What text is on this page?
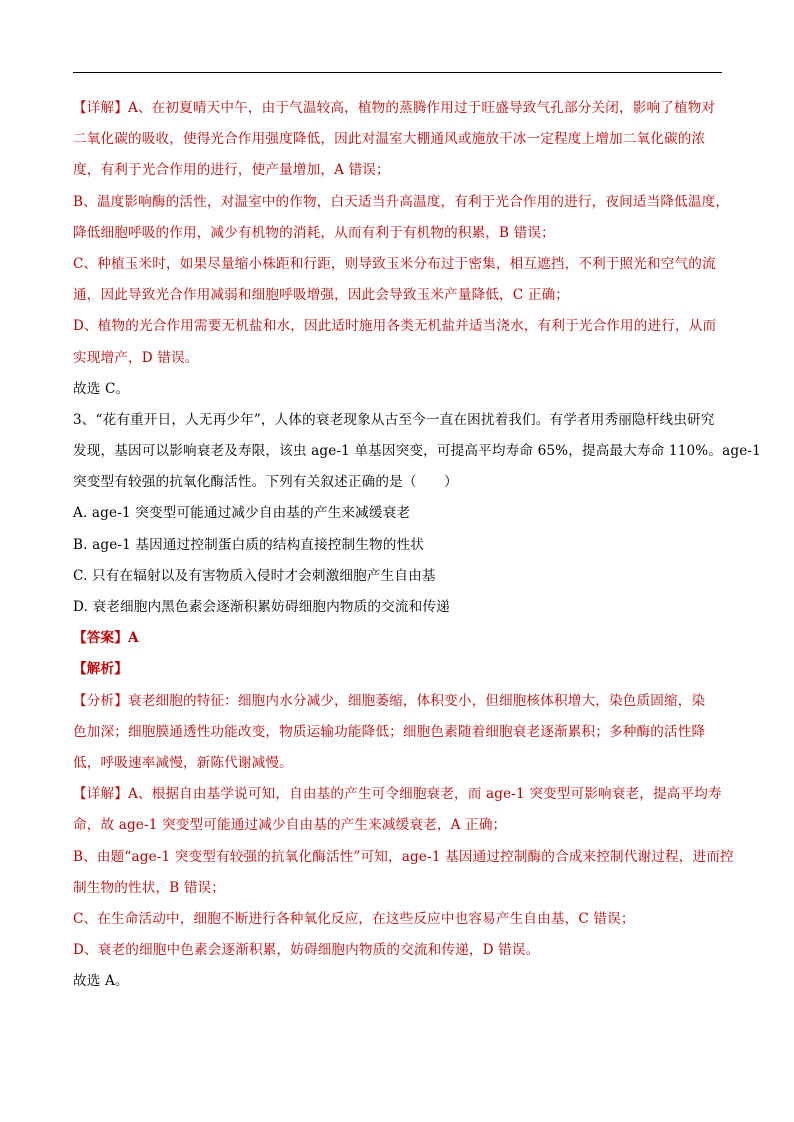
【详解】A、在初夏晴天中午，由于气温较高，植物的蒸腾作用过于旺盛导致气孔部分关闭，影响了植物对
二氧化碳的吸收，使得光合作用强度降低，因此对温室大棚通风或施放干冰一定程度上增加二氧化碳的浓
度，有利于光合作用的进行，使产量增加，A 错误；
B、温度影响酶的活性，对温室中的作物，白天适当升高温度，有利于光合作用的进行，夜间适当降低温度，
降低细胞呼吸的作用，减少有机物的消耗，从而有利于有机物的积累，B 错误；
C、种植玉米时，如果尽量缩小株距和行距，则导致玉米分布过于密集，相互遮挡，不利于照光和空气的流
通，因此导致光合作用减弱和细胞呼吸增强，因此会导致玉米产量降低，C 正确；
D、植物的光合作用需要无机盐和水，因此适时施用各类无机盐并适当浇水，有利于光合作用的进行，从而
实现增产，D 错误。
故选 C。
3、“花有重开日，人无再少年”，人体的衰老现象从古至今一直在困扰着我们。有学者用秀丽隐杆线虫研究
发现，基因可以影响衰老及寿限，该虫 age-1 单基因突变，可提高平均寿命 65%，提高最大寿命 110%。age-1
突变型有较强的抗氧化酶活性。下列有关叙述正确的是（　　）
A. age-1 突变型可能通过减少自由基的产生来减缓衰老
B. age-1 基因通过控制蛋白质的结构直接控制生物的性状
C. 只有在辐射以及有害物质入侵时才会刺激细胞产生自由基
D. 衰老细胞内黑色素会逐渐积累妨碍细胞内物质的交流和传递
【答案】A
【解析】
【分析】衰老细胞的特征：细胞内水分减少，细胞萎缩，体积变小，但细胞核体积增大，染色质固缩，染
色加深；细胞膜通透性功能改变，物质运输功能降低；细胞色素随着细胞衰老逐渐累积；多种酶的活性降
低，呼吸速率减慢，新陈代谢减慢。
【详解】A、根据自由基学说可知，自由基的产生可令细胞衰老，而 age-1 突变型可影响衰老，提高平均寿
命，故 age-1 突变型可能通过减少自由基的产生来减缓衰老，A 正确；
B、由题“age-1 突变型有较强的抗氧化酶活性”可知，age-1 基因通过控制酶的合成来控制代谢过程，进而控
制生物的性状，B 错误；
C、在生命活动中，细胞不断进行各种氧化反应，在这些反应中也容易产生自由基，C 错误；
D、衰老的细胞中色素会逐渐积累，妨碍细胞内物质的交流和传递，D 错误。
故选 A。
